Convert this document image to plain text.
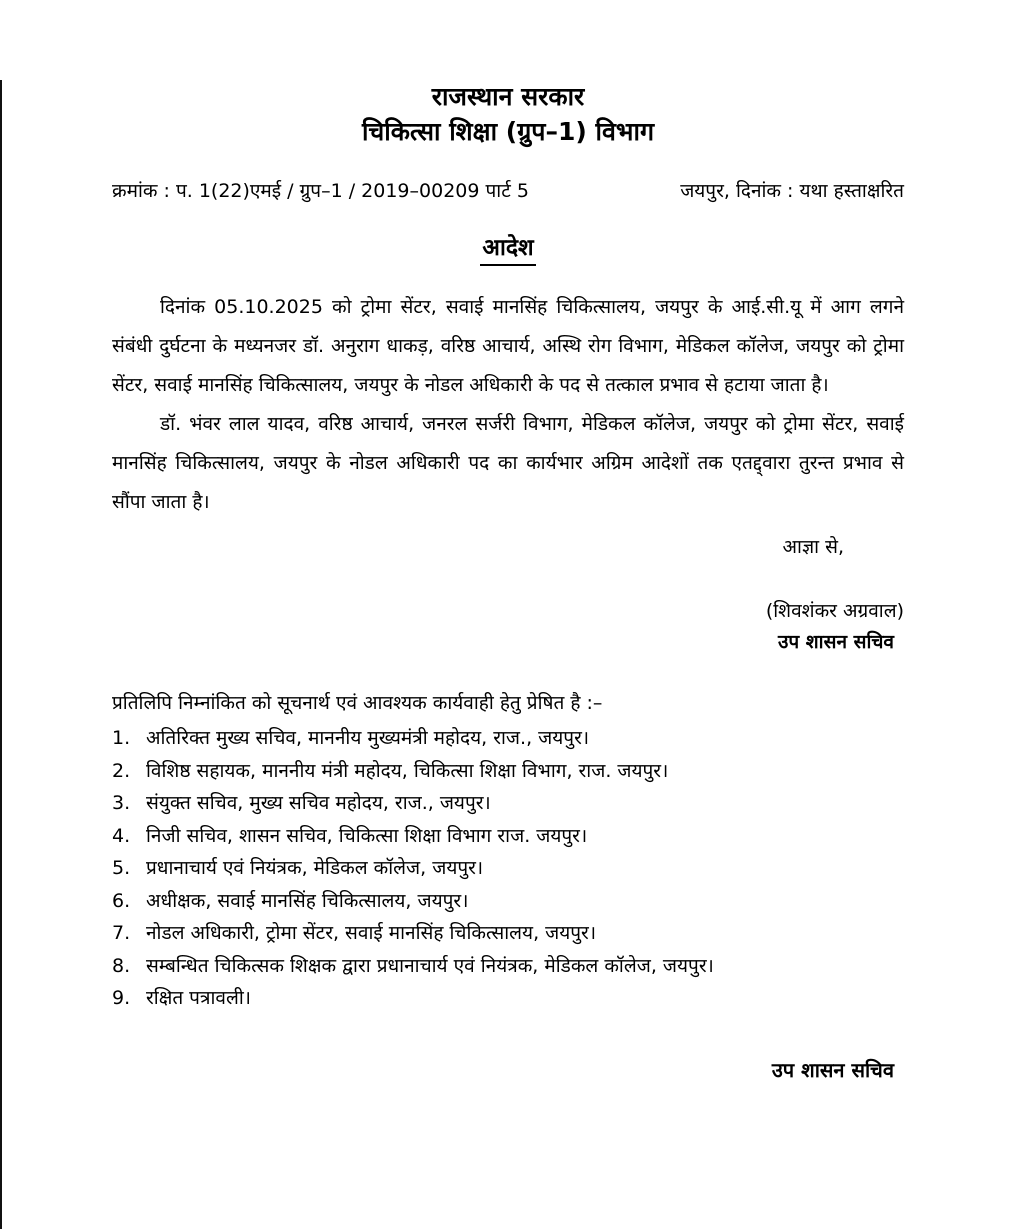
राजस्थान सरकार
चिकित्सा शिक्षा (ग्रुप–1) विभाग
क्रमांक : प. 1(22)एमई / ग्रुप–1 / 2019–00209 पार्ट 5	जयपुर, दिनांक : यथा हस्ताक्षरित
आदेश

दिनांक 05.10.2025 को ट्रोमा सेंटर, सवाई मानसिंह चिकित्सालय, जयपुर के आई.सी.यू में आग लगने संबंधी दुर्घटना के मध्यनजर डॉ. अनुराग धाकड़, वरिष्ठ आचार्य, अस्थि रोग विभाग, मेडिकल कॉलेज, जयपुर को ट्रोमा सेंटर, सवाई मानसिंह चिकित्सालय, जयपुर के नोडल अधिकारी के पद से तत्काल प्रभाव से हटाया जाता है।

डॉ. भंवर लाल यादव, वरिष्ठ आचार्य, जनरल सर्जरी विभाग, मेडिकल कॉलेज, जयपुर को ट्रोमा सेंटर, सवाई मानसिंह चिकित्सालय, जयपुर के नोडल अधिकारी पद का कार्यभार अग्रिम आदेशों तक एतद्द्वारा तुरन्त प्रभाव से सौंपा जाता है।

आज्ञा से,
(शिवशंकर अग्रवाल)
उप शासन सचिव
प्रतिलिपि निम्नांकित को सूचनार्थ एवं आवश्यक कार्यवाही हेतु प्रेषित है :–
1. अतिरिक्त मुख्य सचिव, माननीय मुख्यमंत्री महोदय, राज., जयपुर।
2. विशिष्ठ सहायक, माननीय मंत्री महोदय, चिकित्सा शिक्षा विभाग, राज. जयपुर।
3. संयुक्त सचिव, मुख्य सचिव महोदय, राज., जयपुर।
4. निजी सचिव, शासन सचिव, चिकित्सा शिक्षा विभाग राज. जयपुर।
5. प्रधानाचार्य एवं नियंत्रक, मेडिकल कॉलेज, जयपुर।
6. अधीक्षक, सवाई मानसिंह चिकित्सालय, जयपुर।
7. नोडल अधिकारी, ट्रोमा सेंटर, सवाई मानसिंह चिकित्सालय, जयपुर।
8. सम्बन्धित चिकित्सक शिक्षक द्वारा प्रधानाचार्य एवं नियंत्रक, मेडिकल कॉलेज, जयपुर।
9. रक्षित पत्रावली।
उप शासन सचिव
